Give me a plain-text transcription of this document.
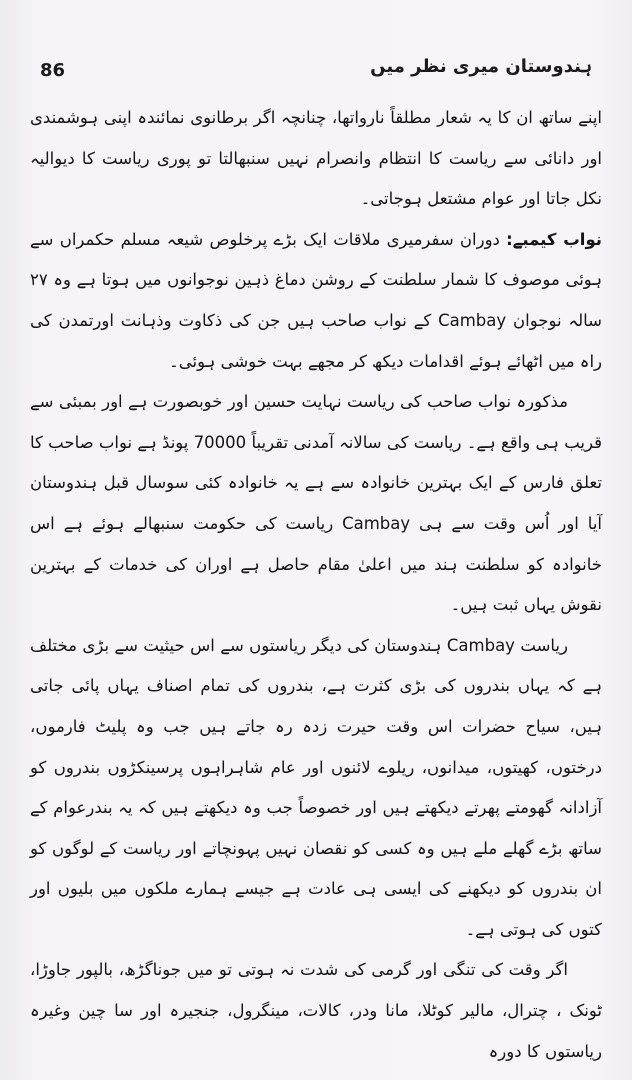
86	ہندوستان میری نظر میں

اپنے ساتھ ان کا یہ شعار مطلقاً نارواتھا، چنانچہ اگر برطانوی نمائندہ اپنی ہوشمندی اور دانائی سے ریاست کا انتظام وانصرام نہیں سنبھالتا تو پوری ریاست کا دیوالیہ نکل جاتا اور عوام مشتعل ہوجاتی۔

نواب کیمبے: دوران سفرمیری ملاقات ایک بڑے پرخلوص شیعہ مسلم حکمراں سے ہوئی موصوف کا شمار سلطنت کے روشن دماغ ذہین نوجوانوں میں ہوتا ہے وہ ۲۷ سالہ نوجوان Cambay کے نواب صاحب ہیں جن کی ذکاوت وذہانت اورتمدن کی راہ میں اٹھائے ہوئے اقدامات دیکھ کر مجھے بہت خوشی ہوئی۔

مذکورہ نواب صاحب کی ریاست نہایت حسین اور خوبصورت ہے اور بمبئی سے قریب ہی واقع ہے۔ ریاست کی سالانہ آمدنی تقریباً 70000 پونڈ ہے نواب صاحب کا تعلق فارس کے ایک بہترین خانوادہ سے ہے یہ خانوادہ کئی سوسال قبل ہندوستان آیا اور اُس وقت سے ہی Cambay ریاست کی حکومت سنبھالے ہوئے ہے اس خانوادہ کو سلطنت ہند میں اعلیٰ مقام حاصل ہے اوران کی خدمات کے بہترین نقوش یہاں ثبت ہیں۔

ریاست Cambay ہندوستان کی دیگر ریاستوں سے اس حیثیت سے بڑی مختلف ہے کہ یہاں بندروں کی بڑی کثرت ہے، بندروں کی تمام اصناف یہاں پائی جاتی ہیں، سیاح حضرات اس وقت حیرت زدہ رہ جاتے ہیں جب وہ پلیٹ فارموں، درختوں، کھیتوں، میدانوں، ریلوے لائنوں اور عام شاہراہوں پرسینکڑوں بندروں کو آزادانہ گھومتے پھرتے دیکھتے ہیں اور خصوصاً جب وہ دیکھتے ہیں کہ یہ بندرعوام کے ساتھ بڑے گھلے ملے ہیں وہ کسی کو نقصان نہیں پہونچاتے اور ریاست کے لوگوں کو ان بندروں کو دیکھنے کی ایسی ہی عادت ہے جیسے ہمارے ملکوں میں بلیوں اور کتوں کی ہوتی ہے۔

اگر وقت کی تنگی اور گرمی کی شدت نہ ہوتی تو میں جوناگڑھ، بالپور جاوڑا، ٹونک ، چترال، مالیر کوٹلا، مانا ودر، کالات، مینگرول، جنجیرہ اور سا چین وغیرہ ریاستوں کا دورہ
